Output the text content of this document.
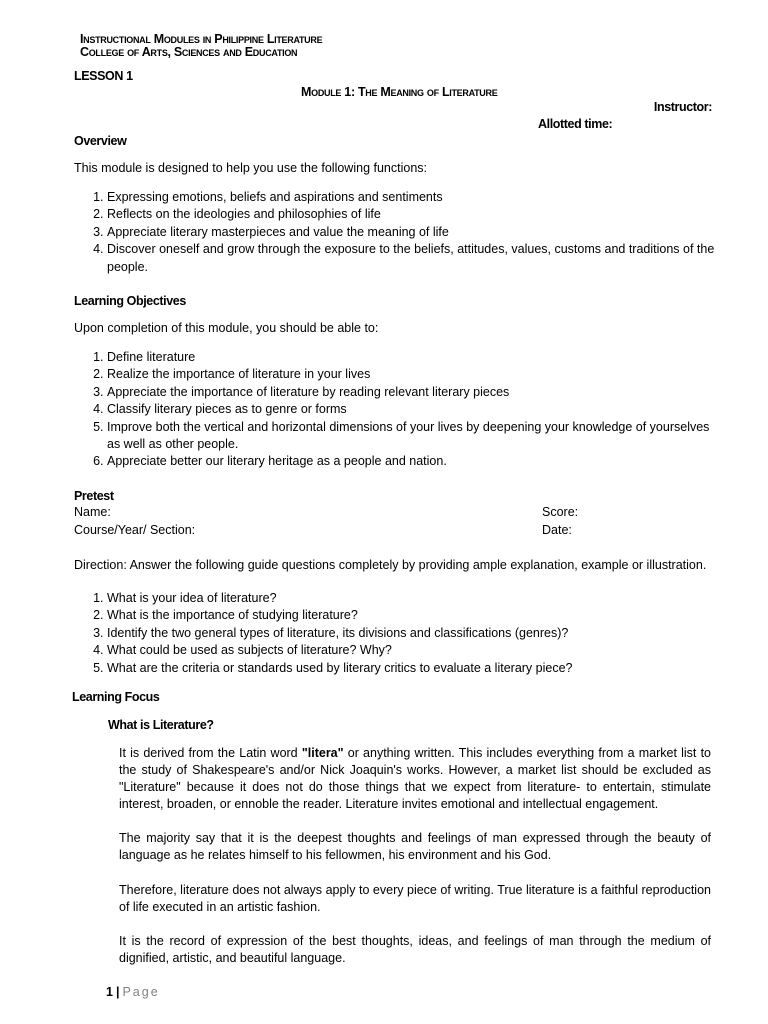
Instructional Modules in Philippine Literature
College of Arts, Sciences and Education
LESSON 1
Module 1: The Meaning of Literature
Instructor:
Allotted time:
Overview
This module is designed to help you use the following functions:
1. Expressing emotions, beliefs and aspirations and sentiments
2. Reflects on the ideologies and philosophies of life
3. Appreciate literary masterpieces and value the meaning of life
4. Discover oneself and grow through the exposure to the beliefs, attitudes, values, customs and traditions of the people.
Learning Objectives
Upon completion of this module, you should be able to:
1. Define literature
2. Realize the importance of literature in your lives
3. Appreciate the importance of literature by reading relevant literary pieces
4. Classify literary pieces as to genre or forms
5. Improve both the vertical and horizontal dimensions of your lives by deepening your knowledge of yourselves as well as other people.
6. Appreciate better our literary heritage as a people and nation.
Pretest
Name:	Score:
Course/Year/ Section:	Date:
Direction: Answer the following guide questions completely by providing ample explanation, example or illustration.
1. What is your idea of literature?
2. What is the importance of studying literature?
3. Identify the two general types of literature, its divisions and classifications (genres)?
4. What could be used as subjects of literature? Why?
5. What are the criteria or standards used by literary critics to evaluate a literary piece?
Learning Focus
What is Literature?

It is derived from the Latin word "litera" or anything written. This includes everything from a market list to the study of Shakespeare's and/or Nick Joaquin's works. However, a market list should be excluded as "Literature" because it does not do those things that we expect from literature- to entertain, stimulate interest, broaden, or ennoble the reader. Literature invites emotional and intellectual engagement.

The majority say that it is the deepest thoughts and feelings of man expressed through the beauty of language as he relates himself to his fellowmen, his environment and his God.

Therefore, literature does not always apply to every piece of writing. True literature is a faithful reproduction of life executed in an artistic fashion.

It is the record of expression of the best thoughts, ideas, and feelings of man through the medium of dignified, artistic, and beautiful language.

1 | Page
